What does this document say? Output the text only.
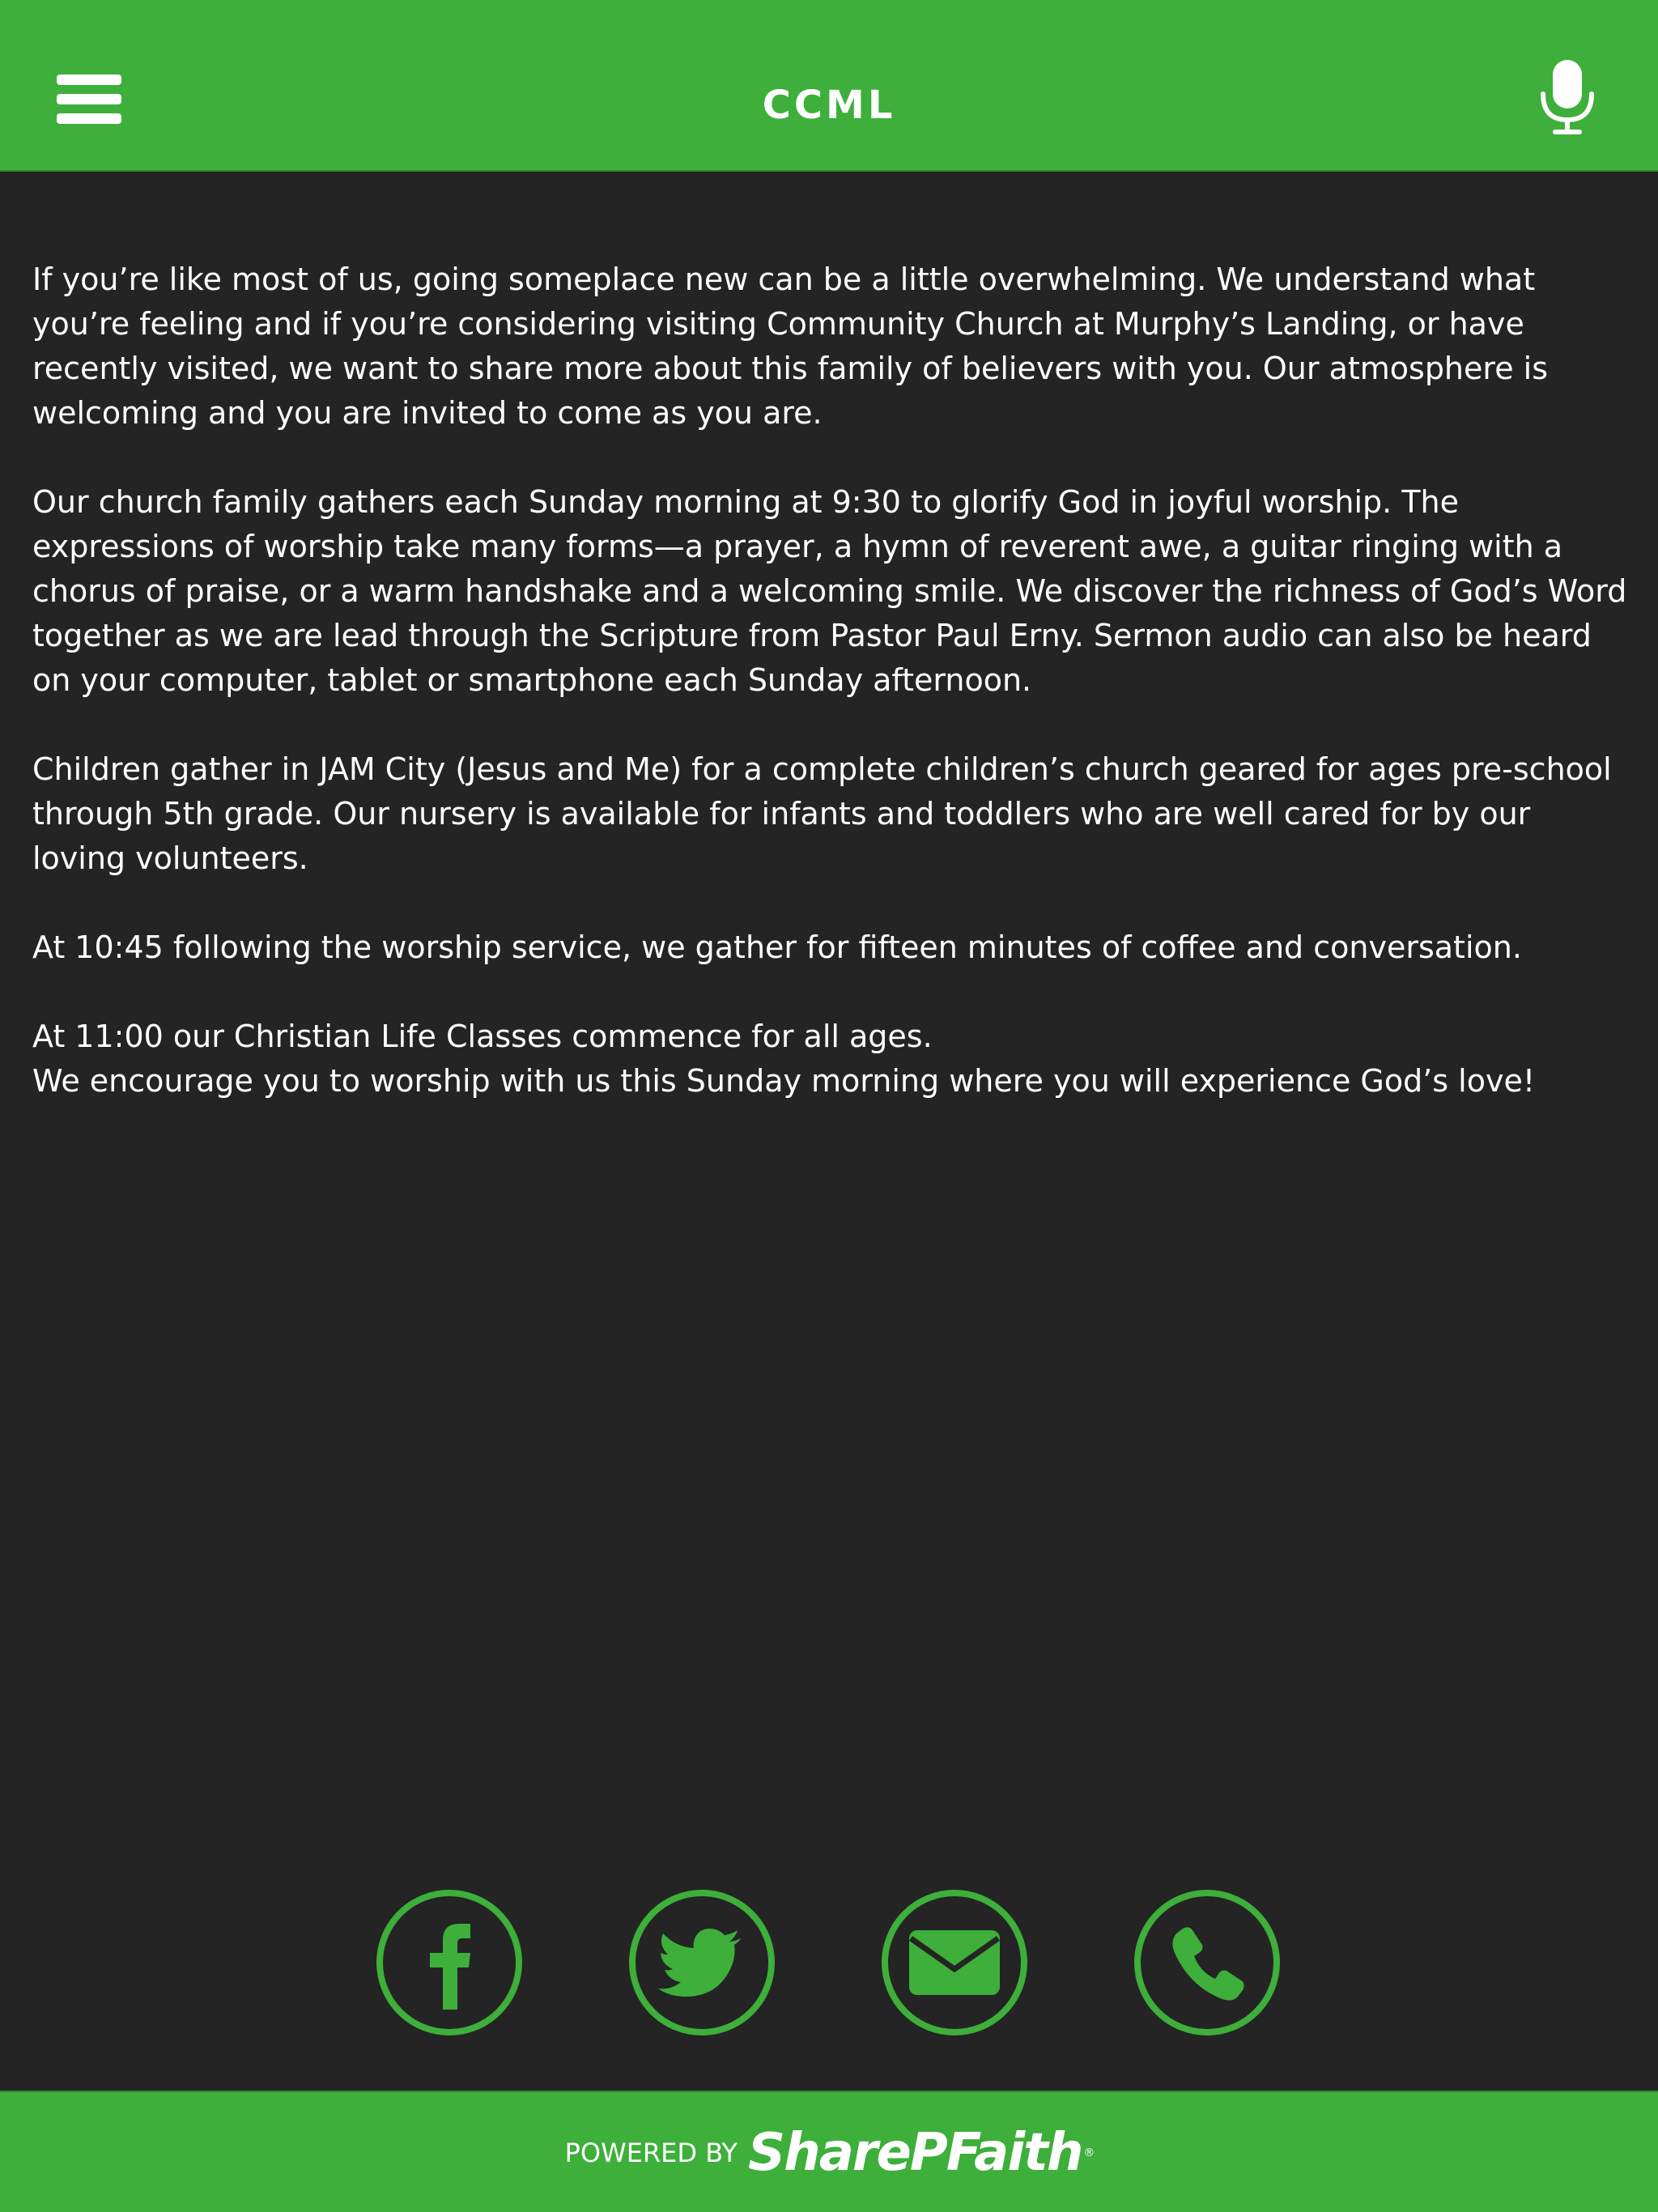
CCML

If you’re like most of us, going someplace new can be a little overwhelming. We understand what you’re feeling and if you’re considering visiting Community Church at Murphy’s Landing, or have recently visited, we want to share more about this family of believers with you. Our atmosphere is welcoming and you are invited to come as you are.

Our church family gathers each Sunday morning at 9:30 to glorify God in joyful worship. The expressions of worship take many forms—a prayer, a hymn of reverent awe, a guitar ringing with a chorus of praise, or a warm handshake and a welcoming smile. We discover the richness of God’s Word together as we are lead through the Scripture from Pastor Paul Erny. Sermon audio can also be heard on your computer, tablet or smartphone each Sunday afternoon.

Children gather in JAM City (Jesus and Me) for a complete children’s church geared for ages pre-school through 5th grade. Our nursery is available for infants and toddlers who are well cared for by our loving volunteers.

At 10:45 following the worship service, we gather for fifteen minutes of coffee and conversation.

At 11:00 our Christian Life Classes commence for all ages.

We encourage you to worship with us this Sunday morning where you will experience God’s love!

POWERED BY SharePFaith ®
